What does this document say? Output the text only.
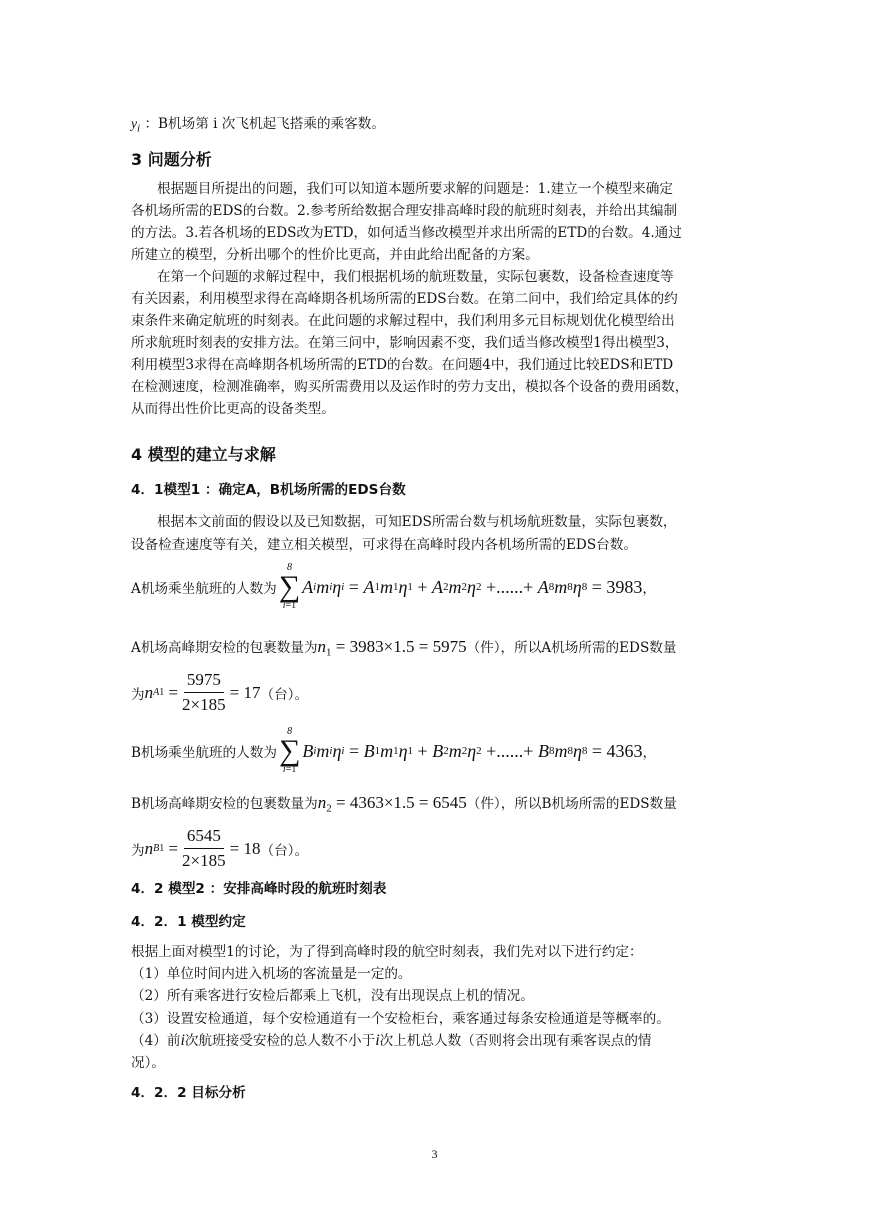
$y_i$ ：B机场第 i 次飞机起飞搭乘的乘客数。
3 问题分析
根据题目所提出的问题，我们可以知道本题所要求解的问题是：1.建立一个模型来确定
各机场所需的EDS的台数。2.参考所给数据合理安排高峰时段的航班时刻表，并给出其编制
的方法。3.若各机场的EDS改为ETD，如何适当修改模型并求出所需的ETD的台数。4.通过
所建立的模型，分析出哪个的性价比更高，并由此给出配备的方案。
在第一个问题的求解过程中，我们根据机场的航班数量，实际包裹数，设备检查速度等
有关因素，利用模型求得在高峰期各机场所需的EDS台数。在第二问中，我们给定具体的约
束条件来确定航班的时刻表。在此问题的求解过程中，我们利用多元目标规划优化模型给出
所求航班时刻表的安排方法。在第三问中，影响因素不变，我们适当修改模型1得出模型3，
利用模型3求得在高峰期各机场所需的ETD的台数。在问题4中，我们通过比较EDS和ETD
在检测速度，检测准确率，购买所需费用以及运作时的劳力支出，模拟各个设备的费用函数，
从而得出性价比更高的设备类型。
4 模型的建立与求解
4．1模型1 ：确定A，B机场所需的EDS台数
根据本文前面的假设以及已知数据，可知EDS所需台数与机场航班数量，实际包裹数，
设备检查速度等有关，建立相关模型，可求得在高峰时段内各机场所需的EDS台数。
A机场乘坐航班的人数为
8
∑
i=1
A i m i η i = A 1 m 1 η 1 + A 2 m 2 η 2 +......+ A 8 m 8 η 8 = 3983 ，
A机场高峰期安检的包裹数量为$n_1 = 3983\times 1.5 = 5975$（件），所以A机场所需的EDS数量
为 n $A1 = \frac{5975}{2\times 185} = 17$ （台）。
B机场乘坐航班的人数为
8
∑
i=1
B i m i η i = B 1 m 1 η 1 + B 2 m 2 η 2 +......+ B 8 m 8 η 8 = 4363 ，
B机场高峰期安检的包裹数量为$n_2 = 4363\times 1.5 = 6545$（件），所以B机场所需的EDS数量
为 n $B1 = \frac{6545}{2\times 185} = 18$ （台）。
4．2 模型2 ：安排高峰时段的航班时刻表
4．2．1 模型约定
根据上面对模型1的讨论，为了得到高峰时段的航空时刻表，我们先对以下进行约定：
（1）单位时间内进入机场的客流量是一定的。
（2）所有乘客进行安检后都乘上飞机，没有出现误点上机的情况。
（3）设置安检通道，每个安检通道有一个安检柜台，乘客通过每条安检通道是等概率的。
（4）前i次航班接受安检的总人数不小于i次上机总人数（否则将会出现有乘客误点的情
况）。
4．2．2 目标分析
3
